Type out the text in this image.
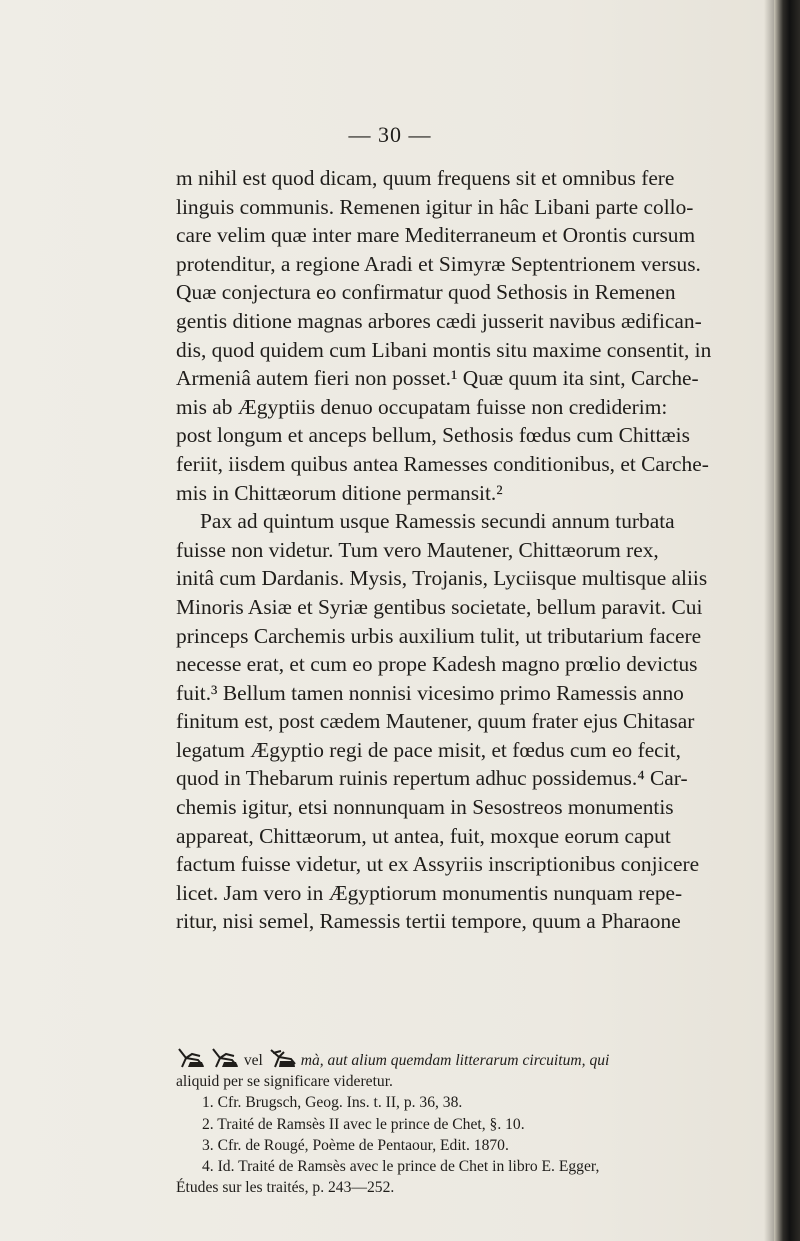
— 30 —

m nihil est quod dicam, quum frequens sit et omnibus fere
linguis communis. Remenen igitur in hâc Libani parte collo-
care velim quæ inter mare Mediterraneum et Orontis cursum
protenditur, a regione Aradi et Simyræ Septentrionem versus.
Quæ conjectura eo confirmatur quod Sethosis in Remenen
gentis ditione magnas arbores cædi jusserit navibus ædifican-
dis, quod quidem cum Libani montis situ maxime consentit, in
Armeniâ autem fieri non posset.¹ Quæ quum ita sint, Carche-
mis ab Ægyptiis denuo occupatam fuisse non crediderim:
post longum et anceps bellum, Sethosis fœdus cum Chittæis
feriit, iisdem quibus antea Ramesses conditionibus, et Carche-
mis in Chittæorum ditione permansit.²

Pax ad quintum usque Ramessis secundi annum turbata
fuisse non videtur. Tum vero Mautener, Chittæorum rex,
initâ cum Dardanis. Mysis, Trojanis, Lyciisque multisque aliis
Minoris Asiæ et Syriæ gentibus societate, bellum paravit. Cui
princeps Carchemis urbis auxilium tulit, ut tributarium facere
necesse erat, et cum eo prope Kadesh magno prœlio devictus
fuit.³ Bellum tamen nonnisi vicesimo primo Ramessis anno
finitum est, post cædem Mautener, quum frater ejus Chitasar
legatum Ægyptio regi de pace misit, et fœdus cum eo fecit,
quod in Thebarum ruinis repertum adhuc possidemus.⁴ Car-
chemis igitur, etsi nonnunquam in Sesostreos monumentis
appareat, Chittæorum, ut antea, fuit, moxque eorum caput
factum fuisse videtur, ut ex Assyriis inscriptionibus conjicere
licet. Jam vero in Ægyptiorum monumentis nunquam repe-
ritur, nisi semel, Ramessis tertii tempore, quum a Pharaone

vel mà, aut alium quemdam litterarum circuitum, qui

aliquid per se significare videretur.

1. Cfr. Brugsch, Geog. Ins. t. II, p. 36, 38.

2. Traité de Ramsès II avec le prince de Chet, §. 10.

3. Cfr. de Rougé, Poème de Pentaour, Edit. 1870.

4. Id. Traité de Ramsès avec le prince de Chet in libro E. Egger,

Études sur les traités, p. 243—252.
